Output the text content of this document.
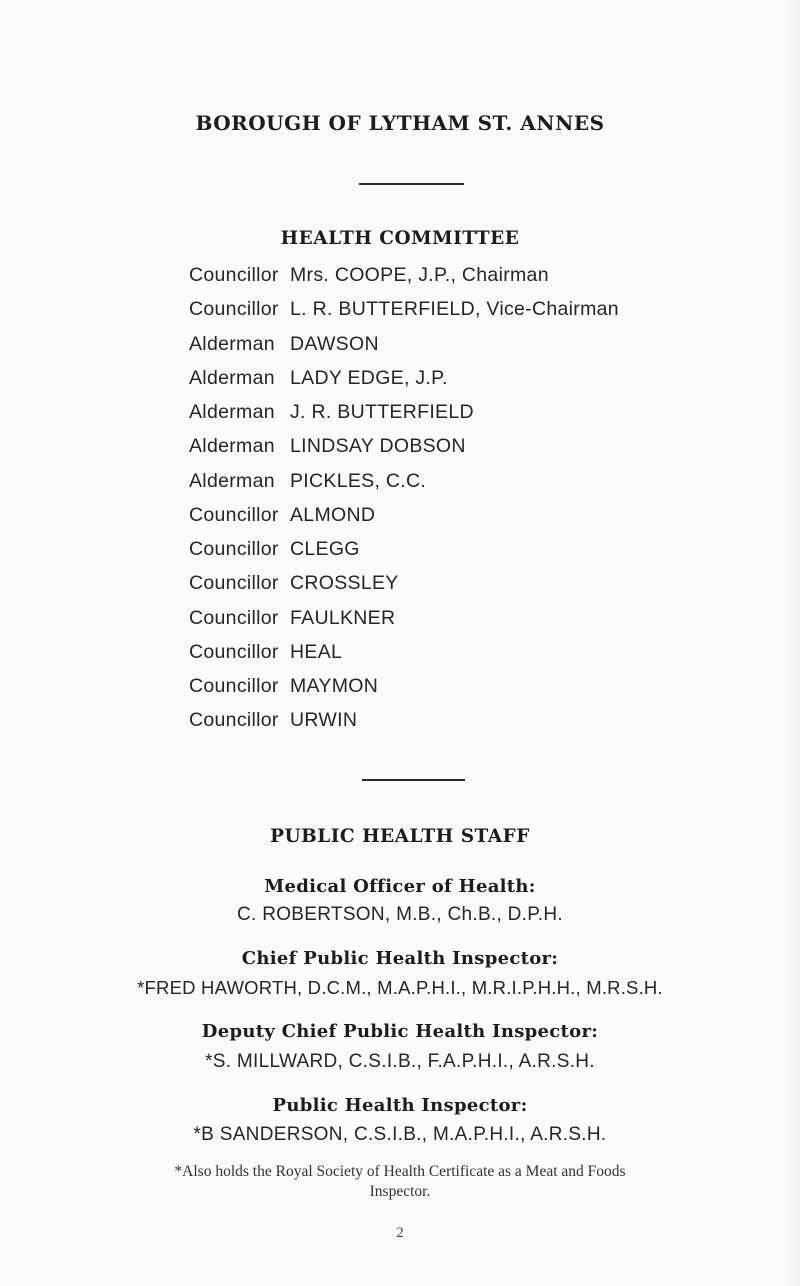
BOROUGH OF LYTHAM ST. ANNES
HEALTH COMMITTEE
Councillor Mrs. COOPE, J.P., Chairman
Councillor L. R. BUTTERFIELD, Vice-Chairman
Alderman DAWSON
Alderman LADY EDGE, J.P.
Alderman J. R. BUTTERFIELD
Alderman LINDSAY DOBSON
Alderman PICKLES, C.C.
Councillor ALMOND
Councillor CLEGG
Councillor CROSSLEY
Councillor FAULKNER
Councillor HEAL
Councillor MAYMON
Councillor URWIN
PUBLIC HEALTH STAFF
Medical Officer of Health:
C. ROBERTSON, M.B., Ch.B., D.P.H.
Chief Public Health Inspector:
*FRED HAWORTH, D.C.M., M.A.P.H.I., M.R.I.P.H.H., M.R.S.H.
Deputy Chief Public Health Inspector:
*S. MILLWARD, C.S.I.B., F.A.P.H.I., A.R.S.H.
Public Health Inspector:
*B SANDERSON, C.S.I.B., M.A.P.H.I., A.R.S.H.
*Also holds the Royal Society of Health Certificate as a Meat and Foods
Inspector.
2
